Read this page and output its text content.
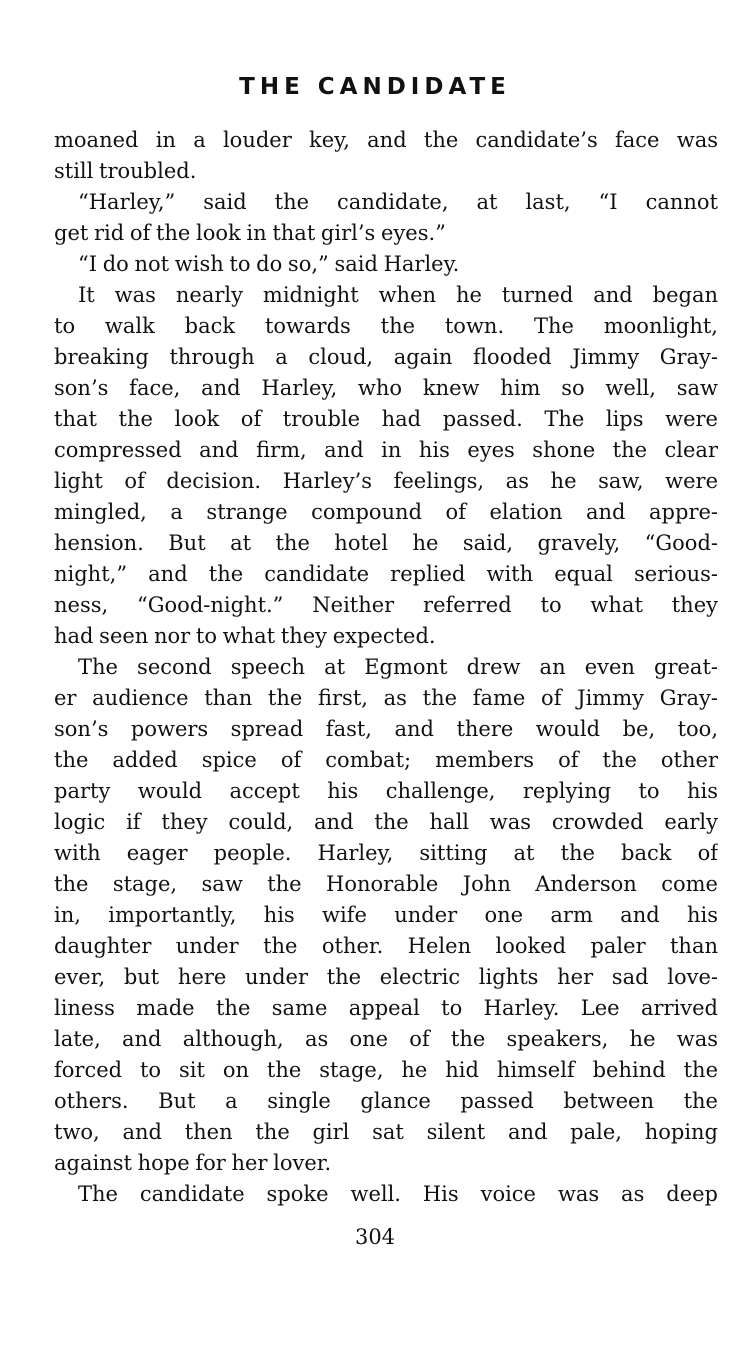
THE CANDIDATE
moaned in a louder key, and the candidate’s face was
still troubled.
“Harley,” said the candidate, at last, “I cannot
get rid of the look in that girl’s eyes.”
“I do not wish to do so,” said Harley.
It was nearly midnight when he turned and began
to walk back towards the town. The moonlight,
breaking through a cloud, again flooded Jimmy Gray-
son’s face, and Harley, who knew him so well, saw
that the look of trouble had passed. The lips were
compressed and firm, and in his eyes shone the clear
light of decision. Harley’s feelings, as he saw, were
mingled, a strange compound of elation and appre-
hension. But at the hotel he said, gravely, “Good-
night,” and the candidate replied with equal serious-
ness, “Good-night.” Neither referred to what they
had seen nor to what they expected.
The second speech at Egmont drew an even great-
er audience than the first, as the fame of Jimmy Gray-
son’s powers spread fast, and there would be, too,
the added spice of combat; members of the other
party would accept his challenge, replying to his
logic if they could, and the hall was crowded early
with eager people. Harley, sitting at the back of
the stage, saw the Honorable John Anderson come
in, importantly, his wife under one arm and his
daughter under the other. Helen looked paler than
ever, but here under the electric lights her sad love-
liness made the same appeal to Harley. Lee arrived
late, and although, as one of the speakers, he was
forced to sit on the stage, he hid himself behind the
others. But a single glance passed between the
two, and then the girl sat silent and pale, hoping
against hope for her lover.
The candidate spoke well. His voice was as deep
304
